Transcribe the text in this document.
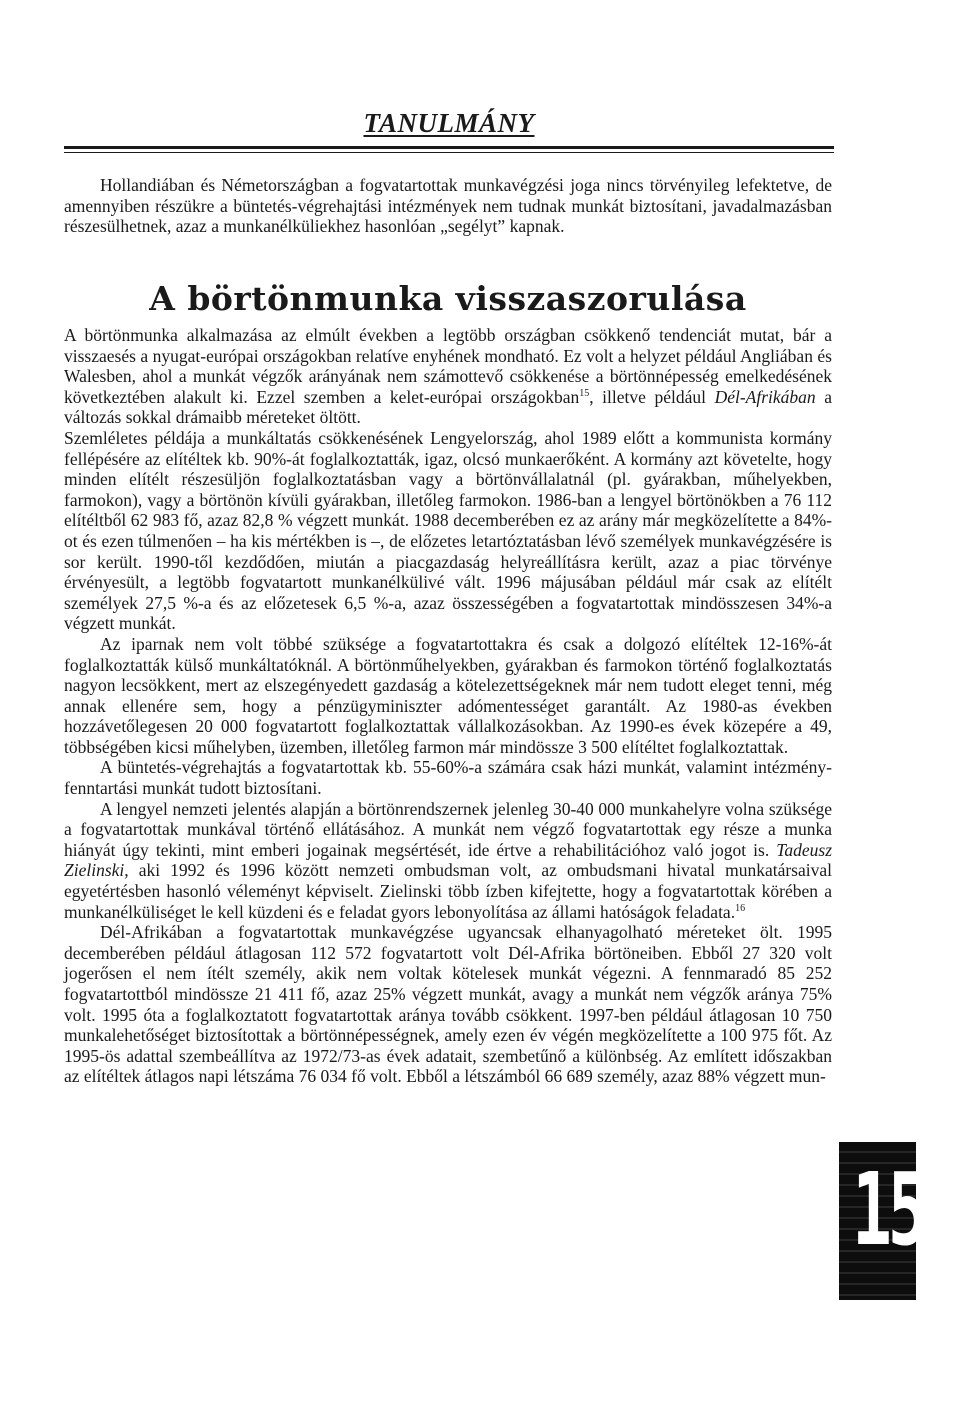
TANULMÁNY

Hollandiában és Németországban a fogvatartottak munkavégzési joga nincs törvényileg lefektetve, de amennyiben részükre a büntetés-végrehajtási intézmények nem tudnak munkát biztosítani, javadalmazásban részesülhetnek, azaz a munkanélküliekhez hasonlóan „segélyt” kapnak.

A börtönmunka visszaszorulása

A börtönmunka alkalmazása az elmúlt években a legtöbb országban csökkenő tendenciát mutat, bár a visszaesés a nyugat-európai országokban relatíve enyhének mondható. Ez volt a helyzet például Angliában és Walesben, ahol a munkát végzők arányának nem számottevő csökkenése a börtönnépesség emelkedésének következtében alakult ki. Ezzel szemben a kelet-európai országokban$^{15}$, illetve például Dél-Afrikában a változás sokkal drámaibb méreteket öltött.

Szemléletes példája a munkáltatás csökkenésének Lengyelország, ahol 1989 előtt a kommunista kormány fellépésére az elítéltek kb. 90%-át foglalkoztatták, igaz, olcsó munkaerőként. A kormány azt követelte, hogy minden elítélt részesüljön foglalkoztatásban vagy a börtönvállalatnál (pl. gyárakban, műhelyekben, farmokon), vagy a börtönön kívüli gyárakban, illetőleg farmokon. 1986-ban a lengyel börtönökben a 76 112 elítéltből 62 983 fő, azaz 82,8 % végzett munkát. 1988 decemberében ez az arány már megközelítette a 84%-ot és ezen túlmenően – ha kis mértékben is –, de előzetes letartóztatásban lévő személyek munkavégzésére is sor került. 1990-től kezdődően, miután a piacgazdaság helyreállításra került, azaz a piac törvénye érvényesült, a legtöbb fogvatartott munkanélkülivé vált. 1996 májusában például már csak az elítélt személyek 27,5 %-a és az előzetesek 6,5 %-a, azaz összességében a fogvatartottak mindösszesen 34%-a végzett munkát.

Az iparnak nem volt többé szüksége a fogvatartottakra és csak a dolgozó elítéltek 12-16%-át foglalkoztatták külső munkáltatóknál. A börtönműhelyekben, gyárakban és farmokon történő foglalkoztatás nagyon lecsökkent, mert az elszegényedett gazdaság a kötelezettségeknek már nem tudott eleget tenni, még annak ellenére sem, hogy a pénzügyminiszter adómentességet garantált. Az 1980-as években hozzávetőlegesen 20 000 fogvatartott foglalkoztattak vállalkozásokban. Az 1990-es évek közepére a 49, többségében kicsi műhelyben, üzemben, illetőleg farmon már mindössze 3 500 elítéltet foglalkoztattak.

A büntetés-végrehajtás a fogvatartottak kb. 55-60%-a számára csak házi munkát, valamint intézmény-fenntartási munkát tudott biztosítani.

A lengyel nemzeti jelentés alapján a börtönrendszernek jelenleg 30-40 000 munkahelyre volna szüksége a fogvatartottak munkával történő ellátásához. A munkát nem végző fogvatartottak egy része a munka hiányát úgy tekinti, mint emberi jogainak megsértését, ide értve a rehabilitációhoz való jogot is. Tadeusz Zielinski, aki 1992 és 1996 között nemzeti ombudsman volt, az ombudsmani hivatal munkatársaival egyetértésben hasonló véleményt képviselt. Zielinski több ízben kifejtette, hogy a fogvatartottak körében a munkanélküliséget le kell küzdeni és e feladat gyors lebonyolítása az állami hatóságok feladata.$^{16}$

Dél-Afrikában a fogvatartottak munkavégzése ugyancsak elhanyagolható méreteket ölt. 1995 decemberében például átlagosan 112 572 fogvatartott volt Dél-Afrika börtöneiben. Ebből 27 320 volt jogerősen el nem ítélt személy, akik nem voltak kötelesek munkát végezni. A fennmaradó 85 252 fogvatartottból mindössze 21 411 fő, azaz 25% végzett munkát, avagy a munkát nem végzők aránya 75% volt. 1995 óta a foglalkoztatott fogvatartottak aránya tovább csökkent. 1997-ben például átlagosan 10 750 munkalehetőséget biztosítottak a börtönnépességnek, amely ezen év végén megközelítette a 100 975 főt. Az 1995-ös adattal szembeállítva az 1972/73-as évek adatait, szembetűnő a különbség. Az említett időszakban az elítéltek átlagos napi létszáma 76 034 fő volt. Ebből a létszámból 66 689 személy, azaz 88% végzett mun-

15
